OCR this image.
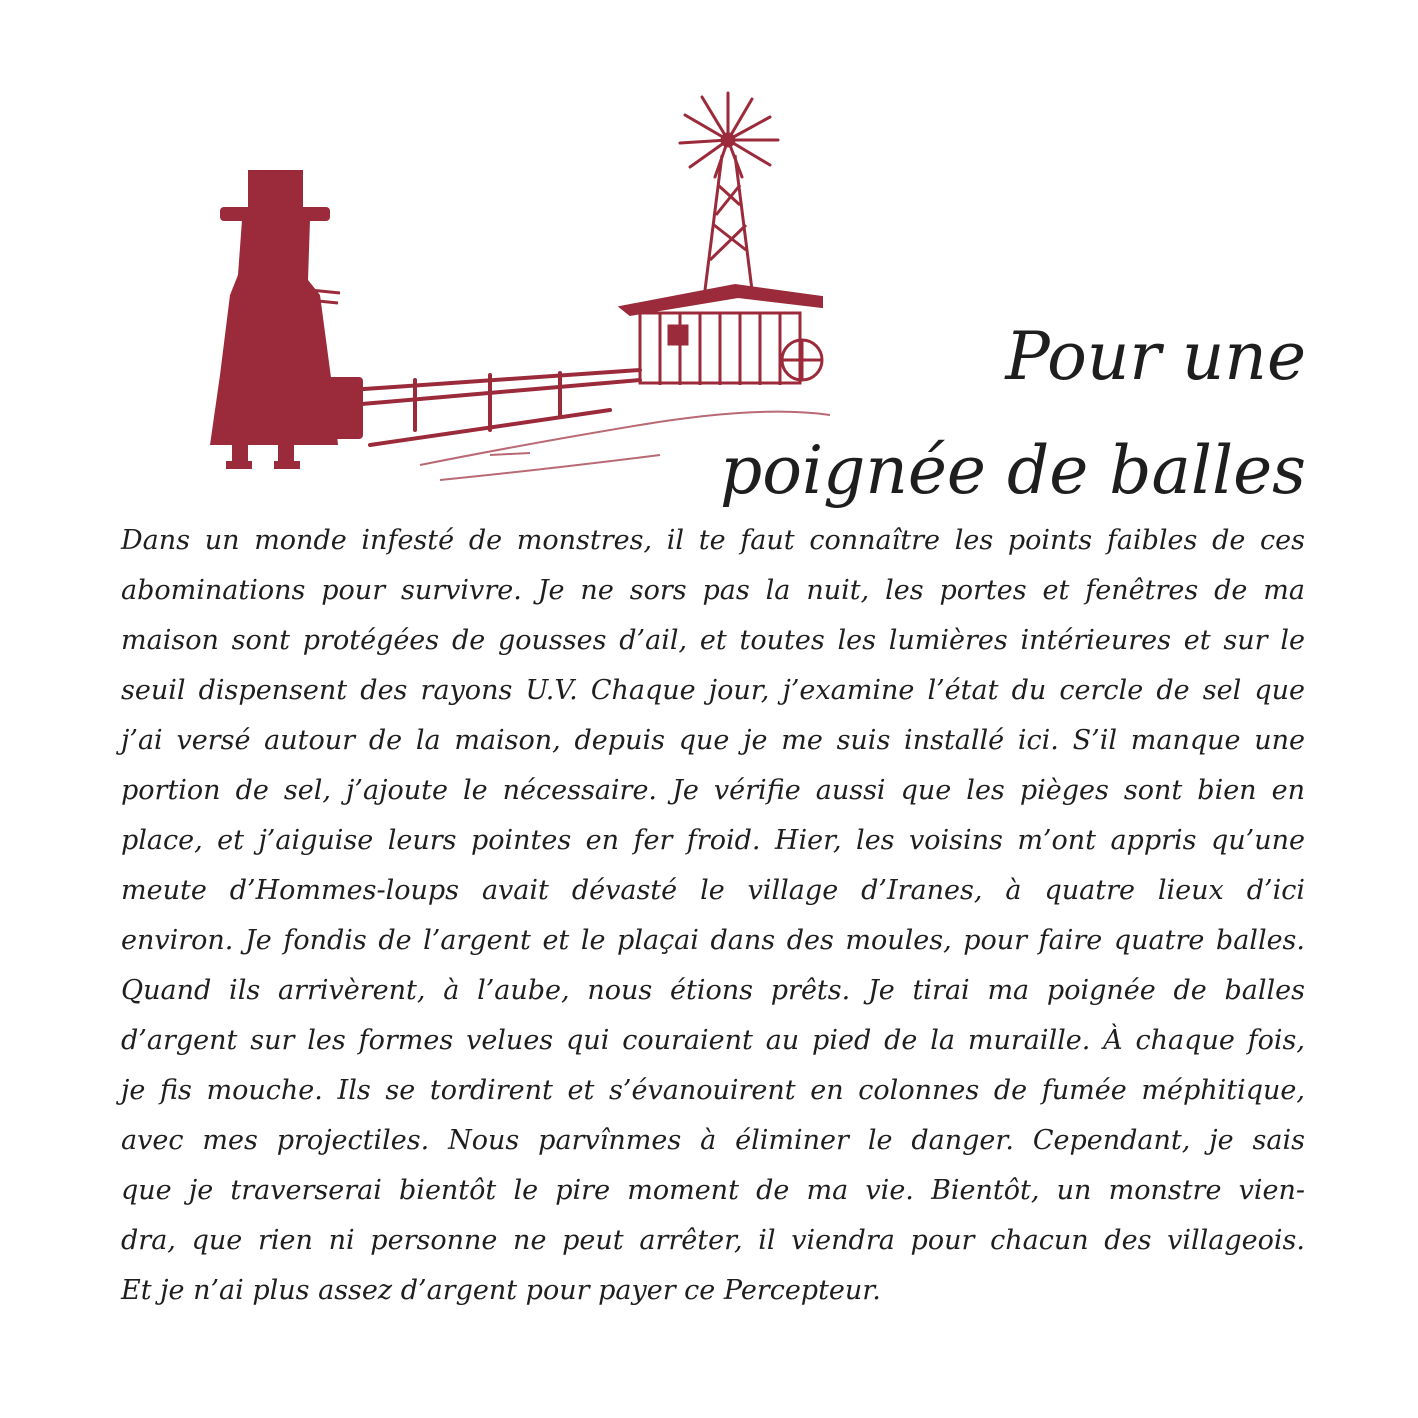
Pour une
poignée de balles

Dans un monde infesté de monstres, il te faut connaître les points faibles de ces
abominations pour survivre. Je ne sors pas la nuit, les portes et fenêtres de ma
maison sont protégées de gousses d’ail, et toutes les lumières intérieures et sur le
seuil dispensent des rayons U.V. Chaque jour, j’examine l’état du cercle de sel que
j’ai versé autour de la maison, depuis que je me suis installé ici. S’il manque une
portion de sel, j’ajoute le nécessaire. Je vérifie aussi que les pièges sont bien en
place, et j’aiguise leurs pointes en fer froid. Hier, les voisins m’ont appris qu’une
meute d’Hommes-loups avait dévasté le village d’Iranes, à quatre lieux d’ici
environ. Je fondis de l’argent et le plaçai dans des moules, pour faire quatre balles.
Quand ils arrivèrent, à l’aube, nous étions prêts. Je tirai ma poignée de balles
d’argent sur les formes velues qui couraient au pied de la muraille. À chaque fois,
je fis mouche. Ils se tordirent et s’évanouirent en colonnes de fumée méphitique,
avec mes projectiles. Nous parvînmes à éliminer le danger. Cependant, je sais
que je traverserai bientôt le pire moment de ma vie. Bientôt, un monstre vien-
dra, que rien ni personne ne peut arrêter, il viendra pour chacun des villageois.
Et je n’ai plus assez d’argent pour payer ce Percepteur.
